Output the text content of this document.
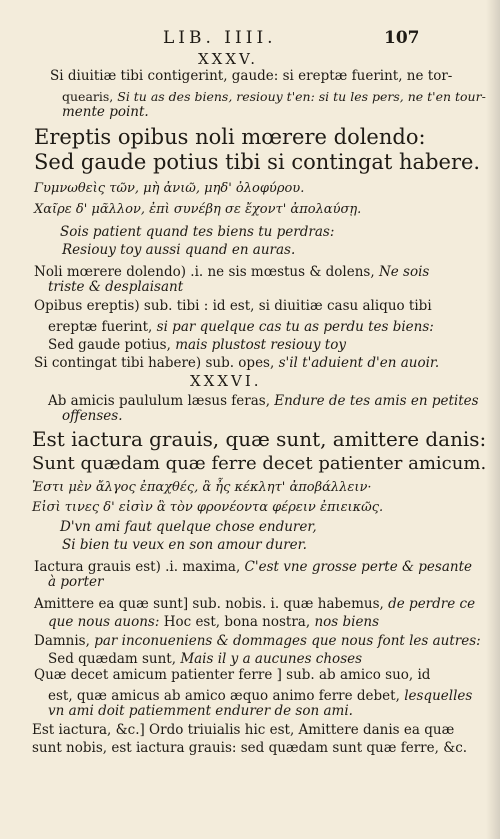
LIB. IIII.	107
XXXV.
Si diuitiæ tibi contigerint, gaude: si ereptæ fuerint, ne tor-
quearis, Si tu as des biens, resiouy t'en: si tu les pers, ne t'en tour-
mente point.
Ereptis opibus noli mœrere dolendo:
Sed gaude potius tibi si contingat habere.
Γυμνωθεὶς τῶν, μὴ ἀνιῶ, μηδ' ὀλοφύρου.
Χαῖρε δ' μᾶλλον, ἐπὶ συνέβη σε ἔχοντ' ἀπολαύσῃ.
Sois patient quand tes biens tu perdras:
Resiouy toy aussi quand en auras.
Noli mœrere dolendo) .i. ne sis mœstus & dolens, Ne sois
triste & desplaisant
Opibus ereptis) sub. tibi : id est, si diuitiæ casu aliquo tibi
ereptæ fuerint, si par quelque cas tu as perdu tes biens:
Sed gaude potius, mais plustost resiouy toy
Si contingat tibi habere) sub. opes, s'il t'aduient d'en auoir.
XXXVI.
Ab amicis paululum læsus feras, Endure de tes amis en petites
offenses.
Est iactura grauis, quæ sunt, amittere danis:
Sunt quædam quæ ferre decet patienter amicum.
Ἐστι μὲν ἄλγος ἐπαχθές, ἃ ἦς κέκλητ' ἀποβάλλειν·
Εἰσὶ τινες δ' εἰσὶν ἃ τὸν φρονέοντα φέρειν ἐπιεικῶς.
D'vn ami faut quelque chose endurer,
Si bien tu veux en son amour durer.
Iactura grauis est) .i. maxima, C'est vne grosse perte & pesante
à porter
Amittere ea quæ sunt] sub. nobis. i. quæ habemus, de perdre ce
que nous auons: Hoc est, bona nostra, nos biens
Damnis, par inconueniens & dommages que nous font les autres:
Sed quædam sunt, Mais il y a aucunes choses
Quæ decet amicum patienter ferre ] sub. ab amico suo, id
est, quæ amicus ab amico æquo animo ferre debet, lesquelles
vn ami doit patiemment endurer de son ami.
Est iactura, &c.] Ordo triuialis hic est, Amittere danis ea quæ
sunt nobis, est iactura grauis: sed quædam sunt quæ ferre, &c.
